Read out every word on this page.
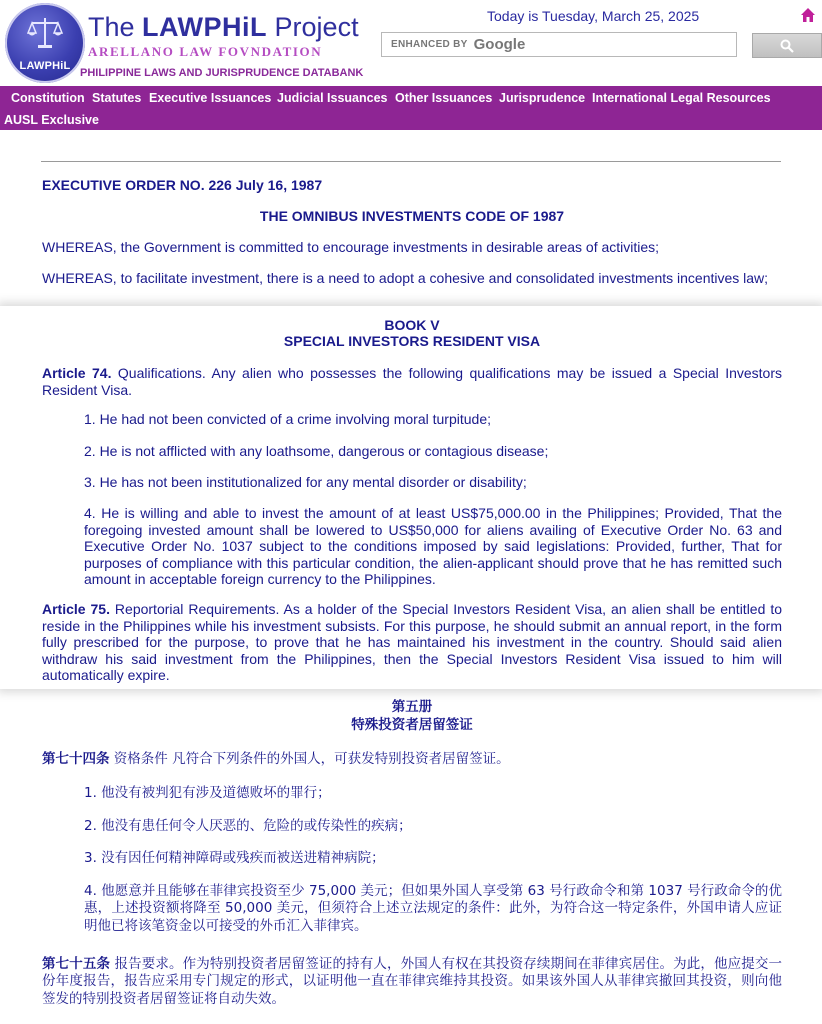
LAWPHiL
The LAWPHiL Project
ARELLANO LAW FOVNDATION
PHILIPPINE LAWS AND JURISPRUDENCE DATABANK
Today is Tuesday, March 25, 2025
ENHANCED BY Google
Constitution Statutes Executive Issuances Judicial Issuances Other Issuances Jurisprudence International Legal Resources
AUSL Exclusive
EXECUTIVE ORDER NO. 226 July 16, 1987
THE OMNIBUS INVESTMENTS CODE OF 1987
WHEREAS, the Government is committed to encourage investments in desirable areas of activities;
WHEREAS, to facilitate investment, there is a need to adopt a cohesive and consolidated investments incentives law;
BOOK V
SPECIAL INVESTORS RESIDENT VISA
Article 74. Qualifications. Any alien who possesses the following qualifications may be issued a Special Investors Resident Visa.
1. He had not been convicted of a crime involving moral turpitude;
2. He is not afflicted with any loathsome, dangerous or contagious disease;
3. He has not been institutionalized for any mental disorder or disability;
4. He is willing and able to invest the amount of at least US$75,000.00 in the Philippines; Provided, That the foregoing invested amount shall be lowered to US$50,000 for aliens availing of Executive Order No. 63 and Executive Order No. 1037 subject to the conditions imposed by said legislations: Provided, further, That for purposes of compliance with this particular condition, the alien-applicant should prove that he has remitted such amount in acceptable foreign currency to the Philippines.
Article 75. Reportorial Requirements. As a holder of the Special Investors Resident Visa, an alien shall be entitled to reside in the Philippines while his investment subsists. For this purpose, he should submit an annual report, in the form fully prescribed for the purpose, to prove that he has maintained his investment in the country. Should said alien withdraw his said investment from the Philippines, then the Special Investors Resident Visa issued to him will automatically expire.
第五册
特殊投资者居留签证
第七十四条 资格条件 凡符合下列条件的外国人，可获发特别投资者居留签证。
1. 他没有被判犯有涉及道德败坏的罪行；
2. 他没有患任何令人厌恶的、危险的或传染性的疾病；
3. 没有因任何精神障碍或残疾而被送进精神病院；
4. 他愿意并且能够在菲律宾投资至少 75,000 美元；但如果外国人享受第 63 号行政命令和第 1037 号行政命令的优惠，上述投资额将降至 50,000 美元，但须符合上述立法规定的条件：此外，为符合这一特定条件，外国申请人应证明他已将该笔资金以可接受的外币汇入菲律宾。
第七十五条 报告要求。作为特别投资者居留签证的持有人，外国人有权在其投资存续期间在菲律宾居住。为此，他应提交一份年度报告，报告应采用专门规定的形式，以证明他一直在菲律宾维持其投资。如果该外国人从菲律宾撤回其投资，则向他签发的特别投资者居留签证将自动失效。
